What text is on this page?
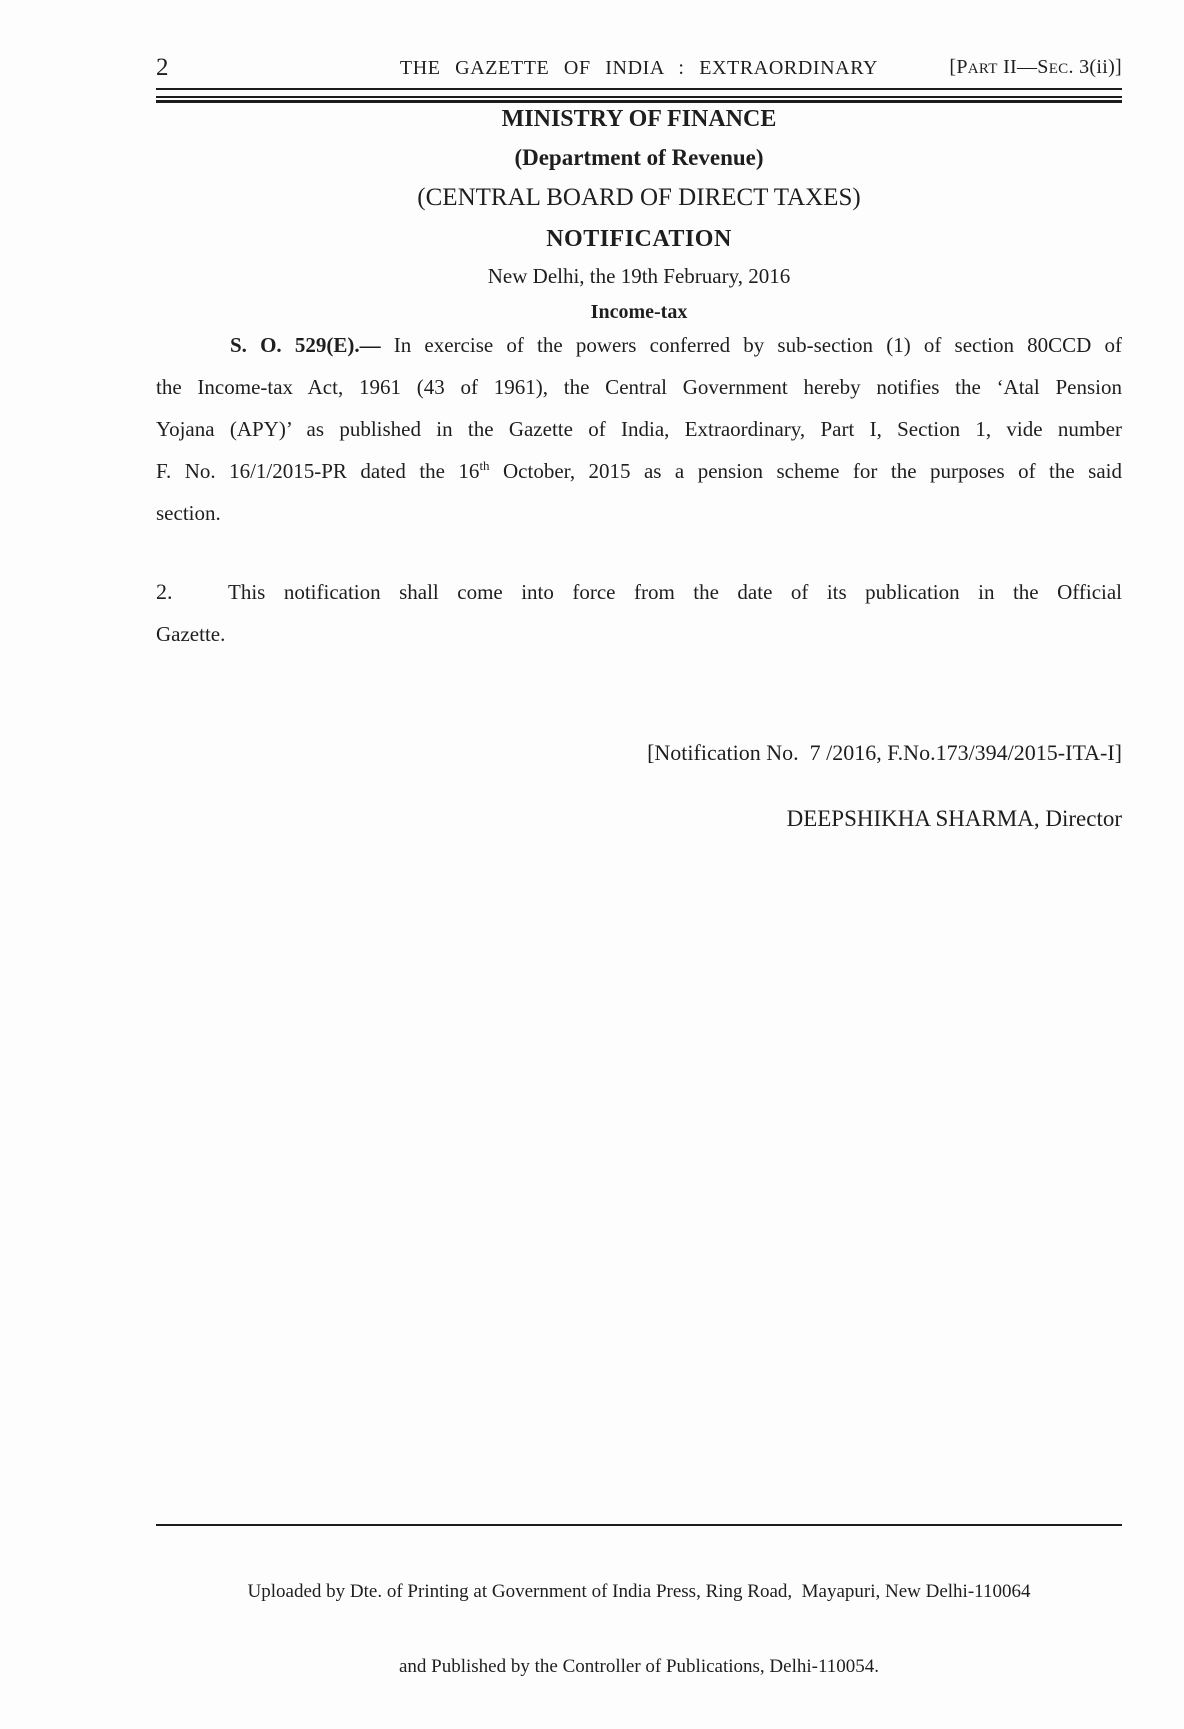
2	THE GAZETTE OF INDIA : EXTRAORDINARY	[PART II—SEC. 3(ii)]
MINISTRY OF FINANCE
(Department of Revenue)
(CENTRAL BOARD OF DIRECT TAXES)
NOTIFICATION
New Delhi, the 19th February, 2016
Income-tax
S. O. 529(E).— In exercise of the powers conferred by sub-section (1) of section 80CCD of
the Income-tax Act, 1961 (43 of 1961), the Central Government hereby notifies the ‘Atal Pension
Yojana (APY)’ as published in the Gazette of India, Extraordinary, Part I, Section 1, vide number
F. No. 16/1/2015-PR dated the 16th October, 2015 as a pension scheme for the purposes of the said
section.
2.	This notification shall come into force from the date of its publication in the Official
Gazette.
[Notification No.  7 /2016, F.No.173/394/2015-ITA-I]
DEEPSHIKHA SHARMA, Director

Uploaded by Dte. of Printing at Government of India Press, Ring Road,  Mayapuri, New Delhi-110064

and Published by the Controller of Publications, Delhi-110054.
